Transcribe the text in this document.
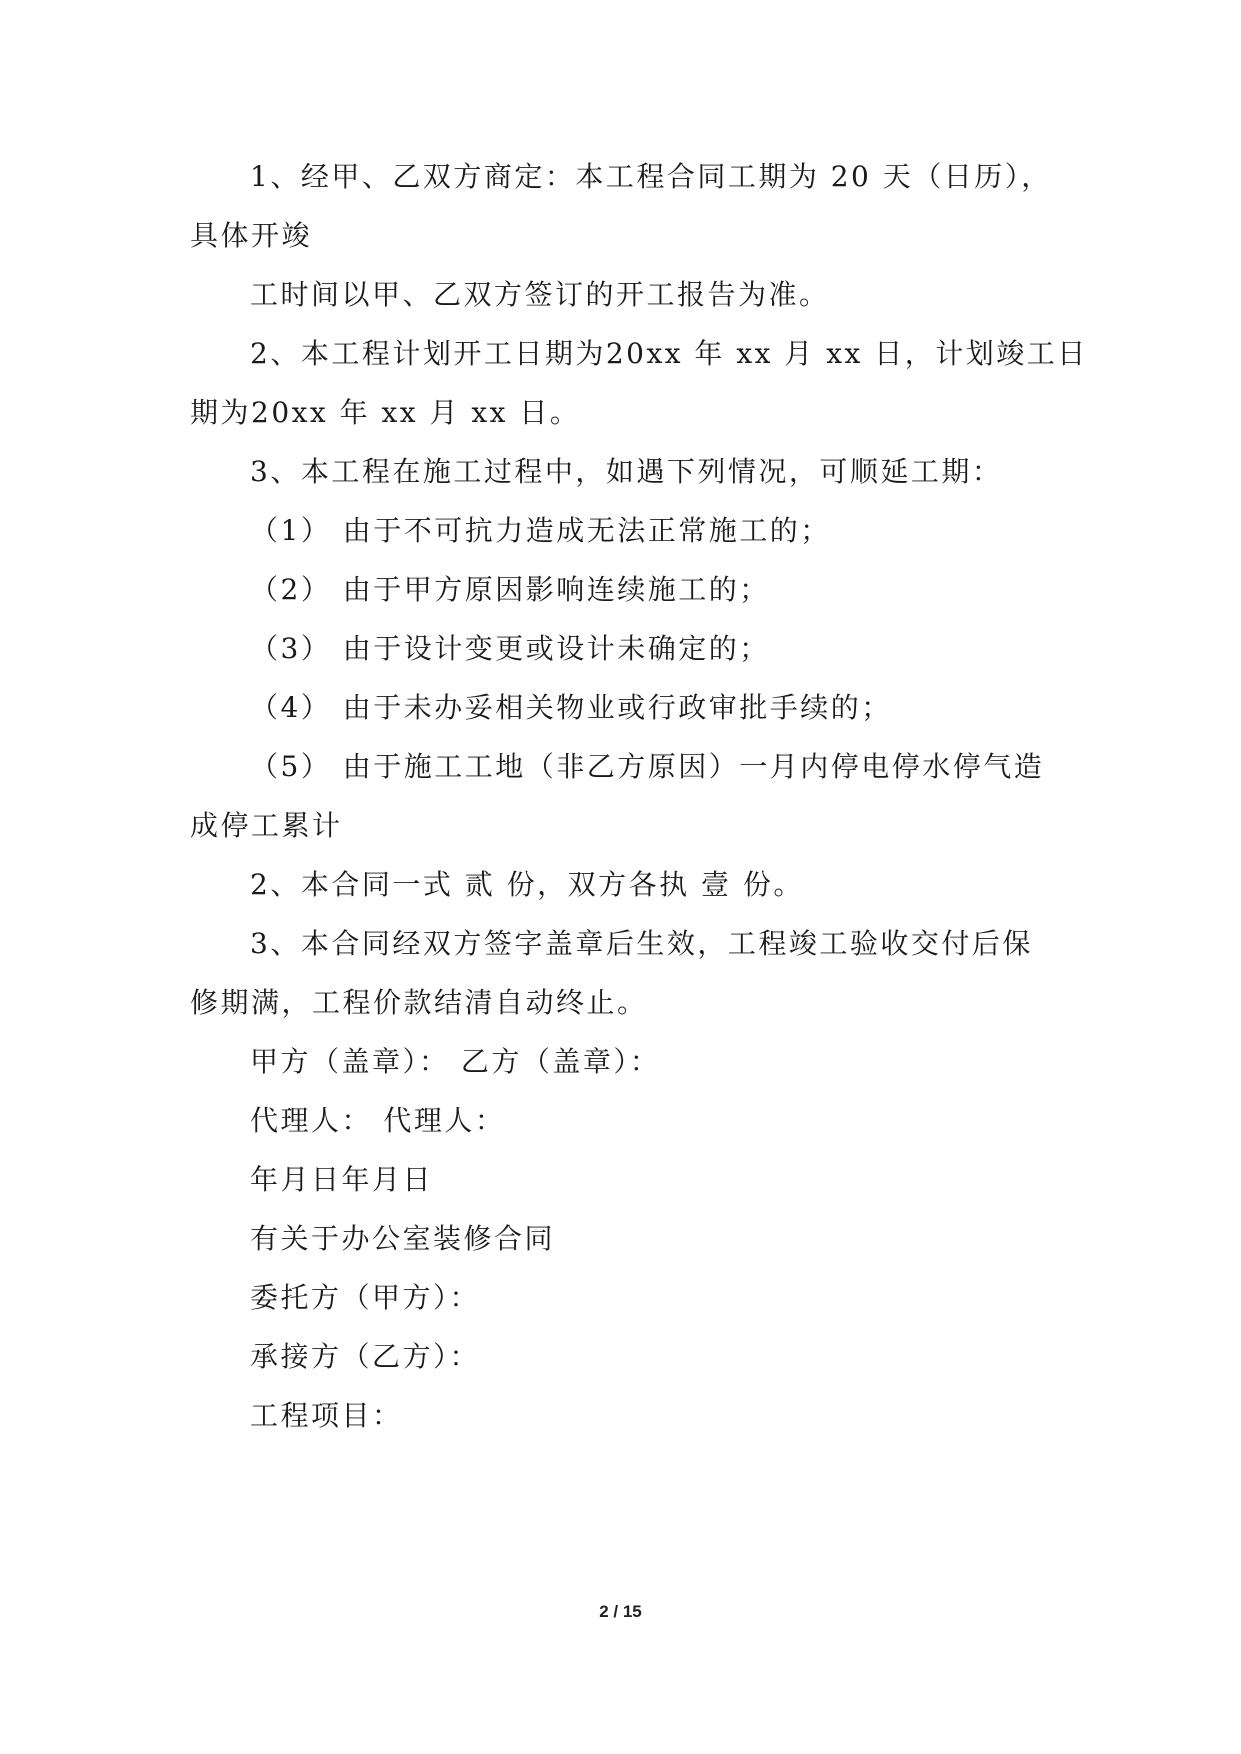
1、经甲、乙双方商定：本工程合同工期为 20 天（日历），
具体开竣
工时间以甲、乙双方签订的开工报告为准。
2、本工程计划开工日期为20xx 年 xx 月 xx 日，计划竣工日
期为20xx 年 xx 月 xx 日。
3、本工程在施工过程中，如遇下列情况，可顺延工期：
（1） 由于不可抗力造成无法正常施工的；
（2） 由于甲方原因影响连续施工的；
（3） 由于设计变更或设计未确定的；
（4） 由于未办妥相关物业或行政审批手续的；
（5） 由于施工工地（非乙方原因）一月内停电停水停气造
成停工累计
2、本合同一式 贰 份，双方各执 壹 份。
3、本合同经双方签字盖章后生效，工程竣工验收交付后保
修期满，工程价款结清自动终止。
甲方（盖章）： 乙方（盖章）：
代理人： 代理人：
年月日年月日
有关于办公室装修合同
委托方（甲方）：
承接方（乙方）：
工程项目：
2 / 15
